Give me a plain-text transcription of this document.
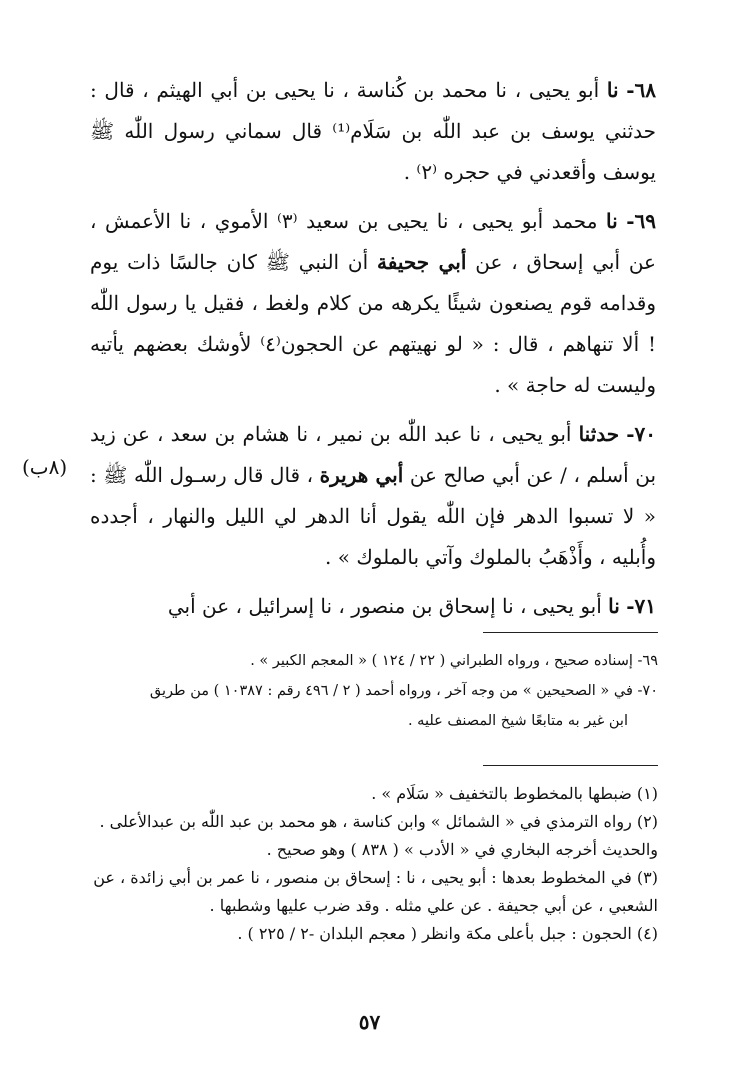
٦٨- نا أبو يحيى ، نا محمد بن كُناسة ، نا يحيى بن أبي الهيثم ، قال : حدثني يوسف بن عبد اللّٰه بن سَلَام⁽¹⁾ قال سماني رسول اللّٰه ﷺ يوسف وأقعدني في حجره ⁽٢⁾ .

٦٩- نا محمد أبو يحيى ، نا يحيى بن سعيد ⁽٣⁾ الأموي ، نا الأعمش ، عن أبي إسحاق ، عن أبي جحيفة أن النبي ﷺ كان جالسًا ذات يوم وقدامه قوم يصنعون شيئًا يكرهه من كلام ولغط ، فقيل يا رسول اللّٰه ! ألا تنهاهم ، قال : « لو نهيتهم عن الحجون⁽٤⁾ لأوشك بعضهم يأتيه وليست له حاجة » .

٧٠- حدثنا أبو يحيى ، نا عبد اللّٰه بن نمير ، نا هشام بن سعد ، عن زيد بن أسلم ، / عن أبي صالح عن أبي هريرة ، قال قال رسـول اللّٰه ﷺ : « لا تسبوا الدهر فإن اللّٰه يقول أنا الدهر لي الليل والنهار ، أجدده وأُبليه ، وأَذْهَبُ بالملوك وآتي بالملوك » .

٧١- نا أبو يحيى ، نا إسحاق بن منصور ، نا إسرائيل ، عن أبي

(٨ب)

٦٩- إسناده صحيح ، ورواه الطبراني ( ٢٢ / ١٢٤ ) « المعجم الكبير » .

٧٠- في « الصحيحين » من وجه آخر ، ورواه أحمد ( ٢ / ٤٩٦ رقم : ١٠٣٨٧ ) من طريق

ابن غير به متابعًا شيخ المصنف عليه .

(١) ضبطها بالمخطوط بالتخفيف « سَلَام » .

(٢) رواه الترمذي في « الشمائل » وابن كناسة ، هو محمد بن عبد اللّٰه بن عبدالأعلى . والحديث أخرجه البخاري في « الأدب » ( ٨٣٨ ) وهو صحيح .

(٣) في المخطوط بعدها : أبو يحيى ، نا : إسحاق بن منصور ، نا عمر بن أبي زائدة ، عن الشعبي ، عن أبي جحيفة . عن علي مثله . وقد ضرب عليها وشطبها .

(٤) الحجون : جبل بأعلى مكة وانظر ( معجم البلدان -٢ / ٢٢٥ ) .

٥٧
